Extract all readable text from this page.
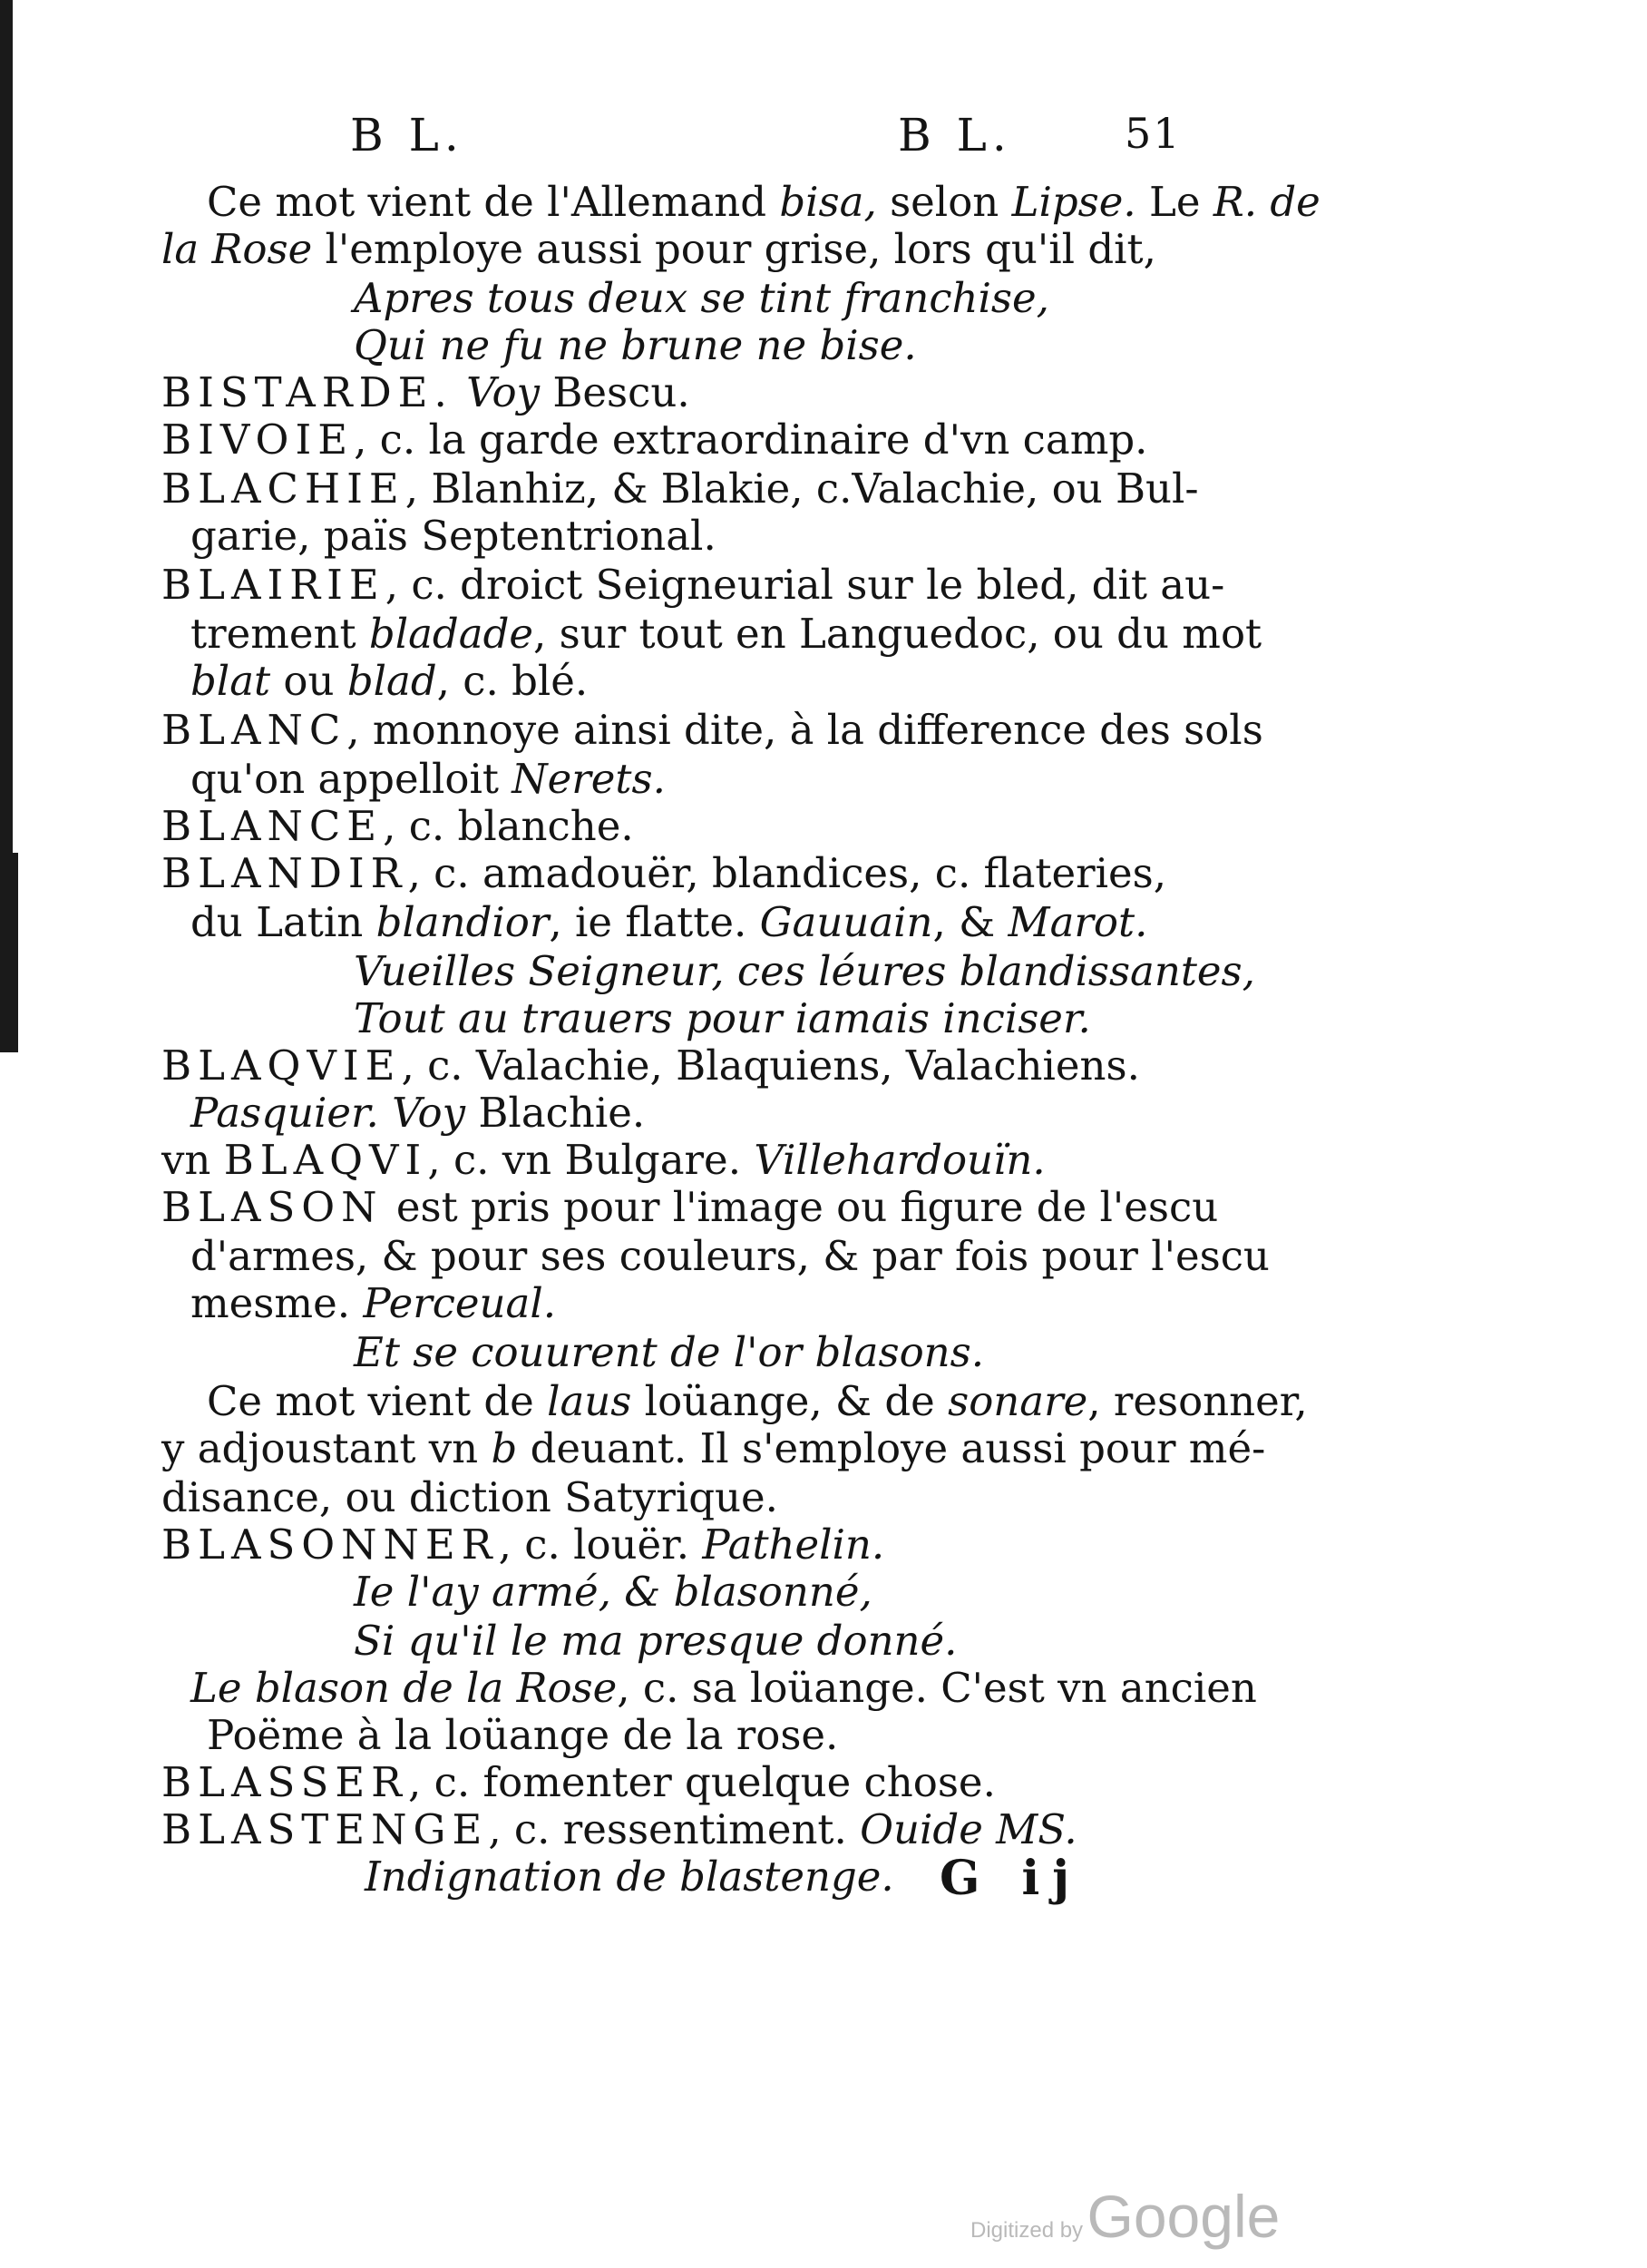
B L.	B L.	51
Ce mot vient de l'Allemand bisa, selon Lipse. Le R. de
la Rose l'employe aussi pour grise, lors qu'il dit,
Apres tous deux se tint franchise,
Qui ne fu ne brune ne bise.
BISTARDE. Voy Bescu.
BIVOIE, c. la garde extraordinaire d'vn camp.
BLACHIE, Blanhiz, & Blakie, c.Valachie, ou Bul-
garie, païs Septentrional.
BLAIRIE, c. droict Seigneurial sur le bled, dit au-
trement bladade, sur tout en Languedoc, ou du mot
blat ou blad, c. blé.
BLANC, monnoye ainsi dite, à la difference des sols
qu'on appelloit Nerets.
BLANCE, c. blanche.
BLANDIR, c. amadouër, blandices, c. flateries,
du Latin blandior, ie flatte. Gauuain, & Marot.
Vueilles Seigneur, ces léures blandissantes,
Tout au trauers pour iamais inciser.
BLAQVIE, c. Valachie, Blaquiens, Valachiens.
Pasquier. Voy Blachie.
vn BLAQVI, c. vn Bulgare. Villehardouïn.
BLASON est pris pour l'image ou figure de l'escu
d'armes, & pour ses couleurs, & par fois pour l'escu
mesme. Perceual.
Et se couurent de l'or blasons.
Ce mot vient de laus loüange, & de sonare, resonner,
y adjoustant vn b deuant. Il s'employe aussi pour mé-
disance, ou diction Satyrique.
BLASONNER, c. louër. Pathelin.
Ie l'ay armé, & blasonné,
Si qu'il le ma presque donné.
Le blason de la Rose, c. sa loüange. C'est vn ancien
Poëme à la loüange de la rose.
BLASSER, c. fomenter quelque chose.
BLASTENGE, c. ressentiment. Ouide MS.
Indignation de blastenge. G ij
Digitized by Google
